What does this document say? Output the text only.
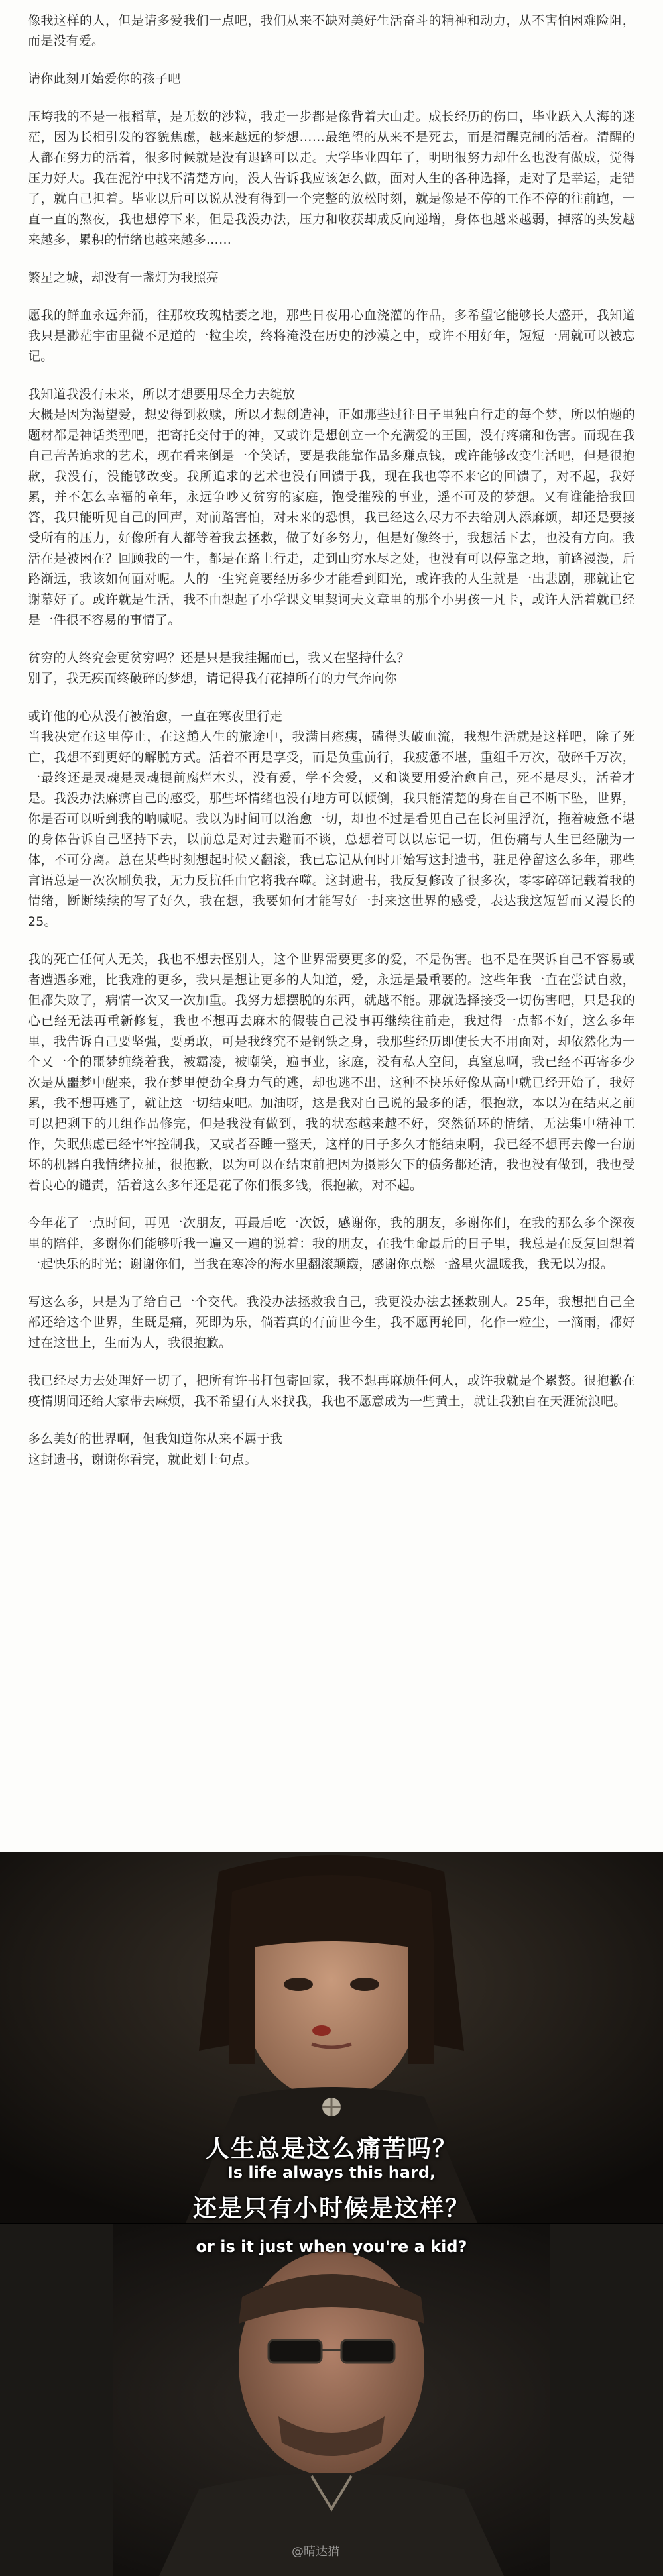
像我这样的人，但是请多爱我们一点吧，我们从来不缺对美好生活奋斗的精神和动力，从不害怕困难险阻，而是没有爱。

请你此刻开始爱你的孩子吧

压垮我的不是一根稻草，是无数的沙粒，我走一步都是像背着大山走。成长经历的伤口，毕业跃入人海的迷茫，因为长相引发的容貌焦虑，越来越远的梦想……最绝望的从来不是死去，而是清醒克制的活着。清醒的人都在努力的活着，很多时候就是没有退路可以走。大学毕业四年了，明明很努力却什么也没有做成，觉得压力好大。我在泥泞中找不清楚方向，没人告诉我应该怎么做，面对人生的各种选择，走对了是幸运，走错了，就自己担着。毕业以后可以说从没有得到一个完整的放松时刻，就是像是不停的工作不停的往前跑，一直一直的熬夜，我也想停下来，但是我没办法，压力和收获却成反向递增，身体也越来越弱，掉落的头发越来越多，累积的情绪也越来越多……

繁星之城，却没有一盏灯为我照亮

愿我的鲜血永远奔涌，往那枚玫瑰枯萎之地，那些日夜用心血浇灌的作品，多希望它能够长大盛开，我知道我只是渺茫宇宙里微不足道的一粒尘埃，终将淹没在历史的沙漠之中，或许不用好年，短短一周就可以被忘记。

我知道我没有未来，所以才想要用尽全力去绽放
大概是因为渴望爱，想要得到救赎，所以才想创造神，正如那些过往日子里独自行走的每个梦，所以怕题的题材都是神话类型吧，把寄托交付于的神，又或许是想创立一个充满爱的王国，没有疼痛和伤害。而现在我自己苦苦追求的艺术，现在看来倒是一个笑话，要是我能靠作品多赚点钱，或许能够改变生活吧，但是很抱歉，我没有，没能够改变。我所追求的艺术也没有回馈于我，现在我也等不来它的回馈了，对不起，我好累，并不怎么幸福的童年，永远争吵又贫穷的家庭，饱受摧残的事业，遥不可及的梦想。又有谁能拾我回答，我只能听见自己的回声，对前路害怕，对未来的恐惧，我已经这么尽力不去给别人添麻烦，却还是要接受所有的压力，好像所有人都等着我去拯救，做了好多努力，但是好像终于，我想活下去，也没有方向。我活在是被困在？回顾我的一生，都是在路上行走，走到山穷水尽之处，也没有可以停靠之地，前路漫漫，后路渐远，我该如何面对呢。人的一生究竟要经历多少才能看到阳光，或许我的人生就是一出悲剧，那就让它谢幕好了。或许就是生活，我不由想起了小学课文里契诃夫文章里的那个小男孩一凡卡，或许人活着就已经是一件很不容易的事情了。

贫穷的人终究会更贫穷吗？还是只是我挂掘而已，我又在坚持什么？
别了，我无疾而终破碎的梦想，请记得我有花掉所有的力气奔向你

或许他的心从没有被治愈，一直在寒夜里行走
当我决定在这里停止，在这趟人生的旅途中，我满目疮痍，磕得头破血流，我想生活就是这样吧，除了死亡，我想不到更好的解脱方式。活着不再是享受，而是负重前行，我疲惫不堪，重组千万次，破碎千万次，一最终还是灵魂是灵魂提前腐烂木头，没有爱，学不会爱，又和谈要用爱治愈自己，死不是尽头，活着才是。我没办法麻痹自己的感受，那些坏情绪也没有地方可以倾倒，我只能清楚的身在自己不断下坠，世界，你是否可以听到我的呐喊呢。我以为时间可以治愈一切，却也不过是看见自己在长河里浮沉，拖着疲惫不堪的身体告诉自己坚持下去，以前总是对过去避而不谈，总想着可以以忘记一切，但伤痛与人生已经融为一体，不可分离。总在某些时刻想起时候又翻滚，我已忘记从何时开始写这封遗书，驻足停留这么多年，那些言语总是一次次刷负我，无力反抗任由它将我吞噬。这封遗书，我反复修改了很多次，零零碎碎记载着我的情绪，断断续续的写了好久，我在想，我要如何才能写好一封来这世界的感受，表达我这短暂而又漫长的25。

我的死亡任何人无关，我也不想去怪别人，这个世界需要更多的爱，不是伤害。也不是在哭诉自己不容易或者遭遇多难，比我难的更多，我只是想让更多的人知道，爱，永远是最重要的。这些年我一直在尝试自救，但都失败了，病情一次又一次加重。我努力想摆脱的东西，就越不能。那就选择接受一切伤害吧，只是我的心已经无法再重新修复，我也不想再去麻木的假装自己没事再继续往前走，我过得一点都不好，这么多年里，我告诉自己要坚强，要勇敢，可是我终究不是钢铁之身，我那些经历即使长大不用面对，却依然化为一个又一个的噩梦缠绕着我，被霸凌，被嘲笑，遍事业，家庭，没有私人空间，真窒息啊，我已经不再寄多少次是从噩梦中醒来，我在梦里使劲全身力气的逃，却也逃不出，这种不快乐好像从高中就已经开始了，我好累，我不想再逃了，就让这一切结束吧。加油呀，这是我对自己说的最多的话，很抱歉，本以为在结束之前可以把剩下的几组作品修完，但是我没有做到，我的状态越来越不好，突然循环的情绪，无法集中精神工作，失眠焦虑已经牢牢控制我，又或者吞睡一整天，这样的日子多久才能结束啊，我已经不想再去像一台崩坏的机器自我情绪拉扯，很抱歉，以为可以在结束前把因为摄影欠下的债务都还清，我也没有做到，我也受着良心的谴责，活着这么多年还是花了你们很多钱，很抱歉，对不起。

今年花了一点时间，再见一次朋友，再最后吃一次饭，感谢你，我的朋友，多谢你们，在我的那么多个深夜里的陪伴，多谢你们能够听我一遍又一遍的说着：我的朋友，在我生命最后的日子里，我总是在反复回想着一起快乐的时光；谢谢你们，当我在寒冷的海水里翻滚颠簸，感谢你点燃一盏星火温暖我，我无以为报。

写这么多，只是为了给自己一个交代。我没办法拯救我自己，我更没办法去拯救别人。25年，我想把自己全部还给这个世界，生既是痛，死即为乐，倘若真的有前世今生，我不愿再轮回，化作一粒尘，一滴雨，都好过在这世上，生而为人，我很抱歉。

我已经尽力去处理好一切了，把所有许书打包寄回家，我不想再麻烦任何人，或许我就是个累赘。很抱歉在疫情期间还给大家带去麻烦，我不希望有人来找我，我也不愿意成为一些黄土，就让我独自在天涯流浪吧。

多么美好的世界啊，但我知道你从来不属于我
这封遗书，谢谢你看完，就此划上句点。

人生总是这么痛苦吗？
Is life always this hard,
还是只有小时候是这样？
or is it just when you're a kid?
@晴达猫
